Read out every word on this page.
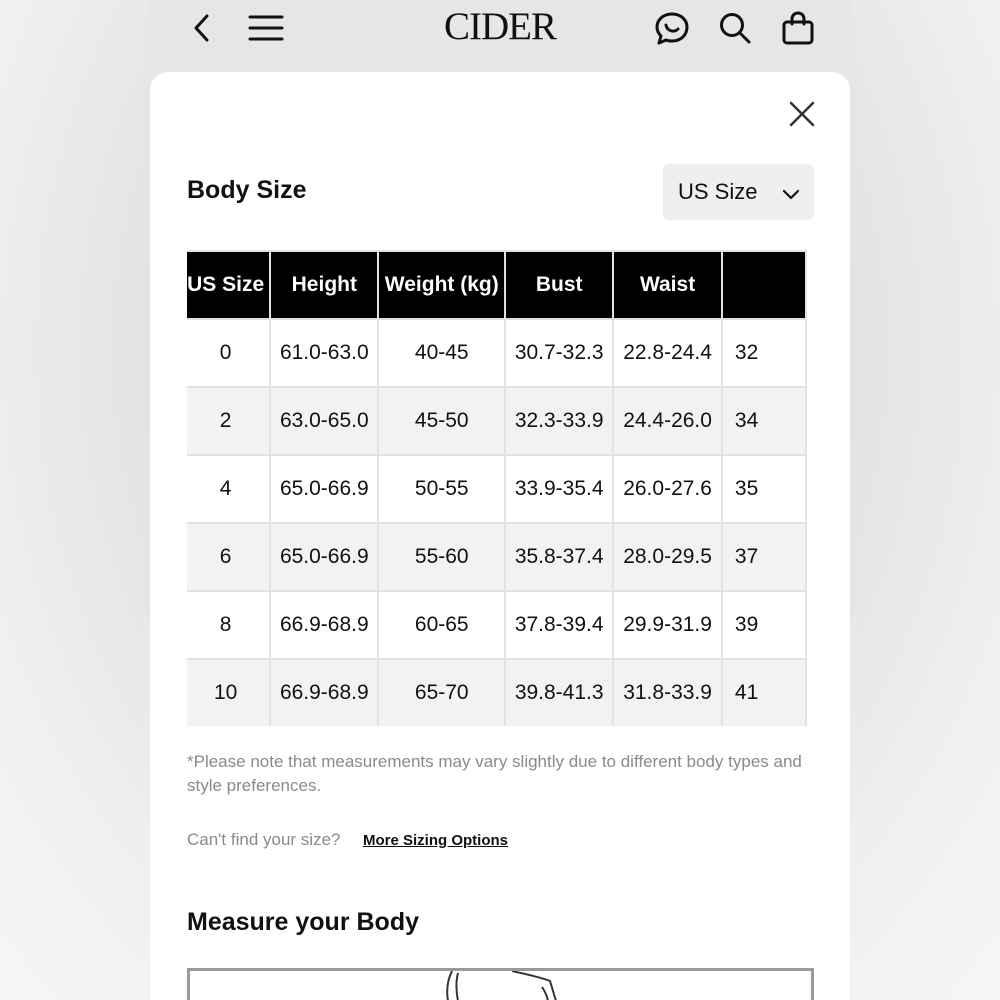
CIDER
Body Size	US Size
US Size	Height	Weight (kg)	Bust	Waist	
0	61.0-63.0	40-45	30.7-32.3	22.8-24.4	32
2	63.0-65.0	45-50	32.3-33.9	24.4-26.0	34
4	65.0-66.9	50-55	33.9-35.4	26.0-27.6	35
6	65.0-66.9	55-60	35.8-37.4	28.0-29.5	37
8	66.9-68.9	60-65	37.8-39.4	29.9-31.9	39
10	66.9-68.9	65-70	39.8-41.3	31.8-33.9	41
*Please note that measurements may vary slightly due to different body types and style preferences.
Can't find your size? More Sizing Options
Measure your Body
